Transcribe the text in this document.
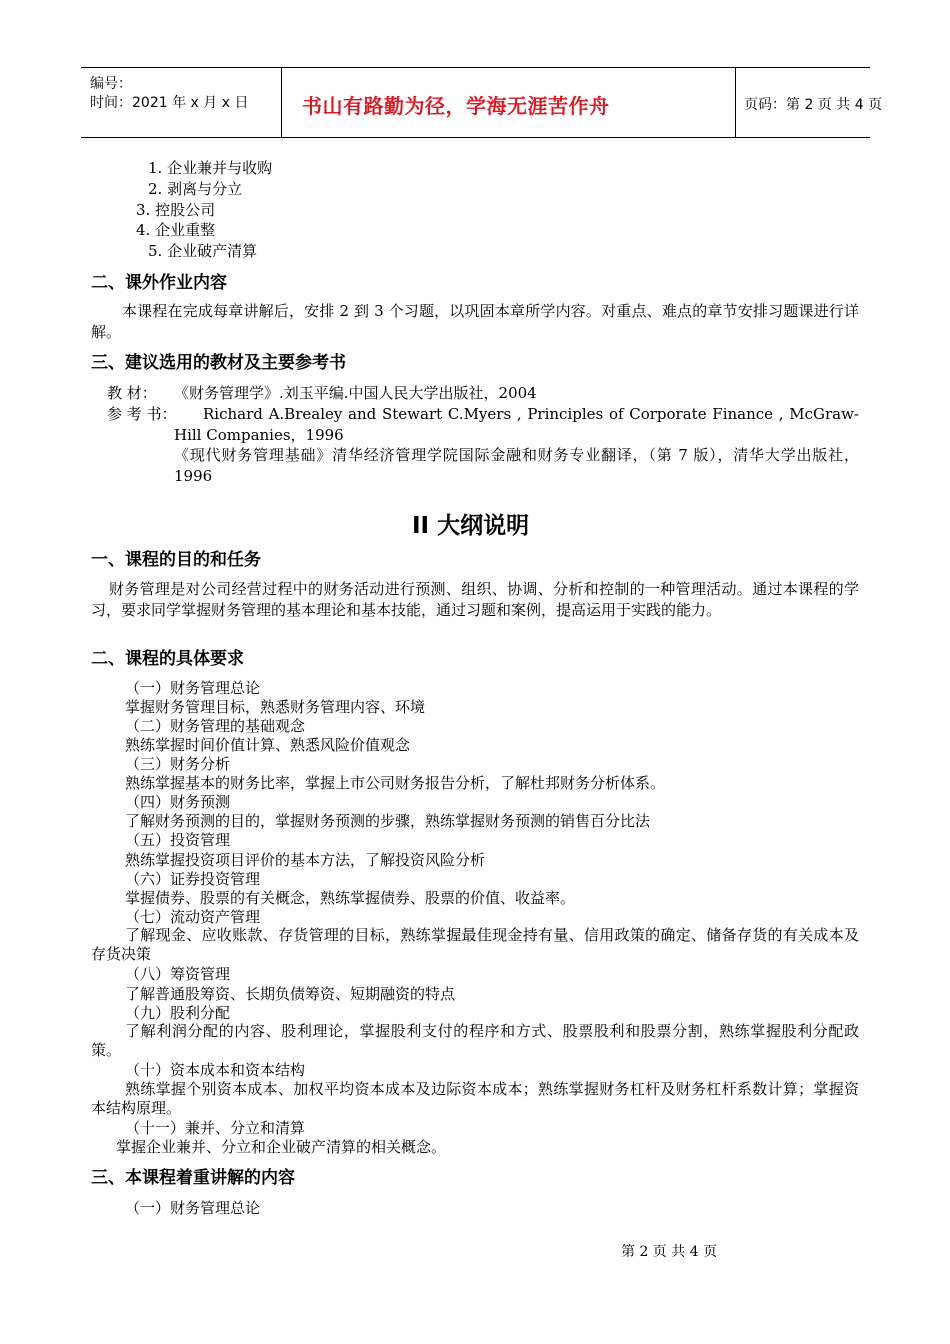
编号：
时间：2021 年 x 月 x 日	书山有路勤为径，学海无涯苦作舟	页码：第 2 页 共 4 页
1. 企业兼并与收购
2. 剥离与分立
3. 控股公司
4. 企业重整
5. 企业破产清算
二、课外作业内容
本课程在完成每章讲解后，安排 2 到 3 个习题，以巩固本章所学内容。对重点、难点的章节安排习题课进行详解。
三、建议选用的教材及主要参考书
教 材： 《财务管理学》.刘玉平编.中国人民大学出版社，2004
参 考 书：	Richard A.Brealey and Stewart C.Myers , Principles of Corporate Finance , McGraw-Hill Companies，1996
《现代财务管理基础》清华经济管理学院国际金融和财务专业翻译，（第 7 版），清华大学出版社，1996
II 大纲说明
一、课程的目的和任务
财务管理是对公司经营过程中的财务活动进行预测、组织、协调、分析和控制的一种管理活动。通过本课程的学习，要求同学掌握财务管理的基本理论和基本技能，通过习题和案例，提高运用于实践的能力。
二、课程的具体要求
（一）财务管理总论
掌握财务管理目标，熟悉财务管理内容、环境
（二）财务管理的基础观念
熟练掌握时间价值计算、熟悉风险价值观念
（三）财务分析
熟练掌握基本的财务比率，掌握上市公司财务报告分析，了解杜邦财务分析体系。
（四）财务预测
了解财务预测的目的，掌握财务预测的步骤，熟练掌握财务预测的销售百分比法
（五）投资管理
熟练掌握投资项目评价的基本方法，了解投资风险分析
（六）证券投资管理
掌握债券、股票的有关概念，熟练掌握债券、股票的价值、收益率。
（七）流动资产管理
了解现金、应收账款、存货管理的目标，熟练掌握最佳现金持有量、信用政策的确定、储备存货的有关成本及存货决策
（八）筹资管理
了解普通股筹资、长期负债筹资、短期融资的特点
（九）股利分配
了解利润分配的内容、股利理论，掌握股利支付的程序和方式、股票股利和股票分割，熟练掌握股利分配政策。
（十）资本成本和资本结构
熟练掌握个别资本成本、加权平均资本成本及边际资本成本；熟练掌握财务杠杆及财务杠杆系数计算；掌握资本结构原理。
（十一）兼并、分立和清算
掌握企业兼并、分立和企业破产清算的相关概念。
三、本课程着重讲解的内容
（一）财务管理总论
第 2 页 共 4 页
